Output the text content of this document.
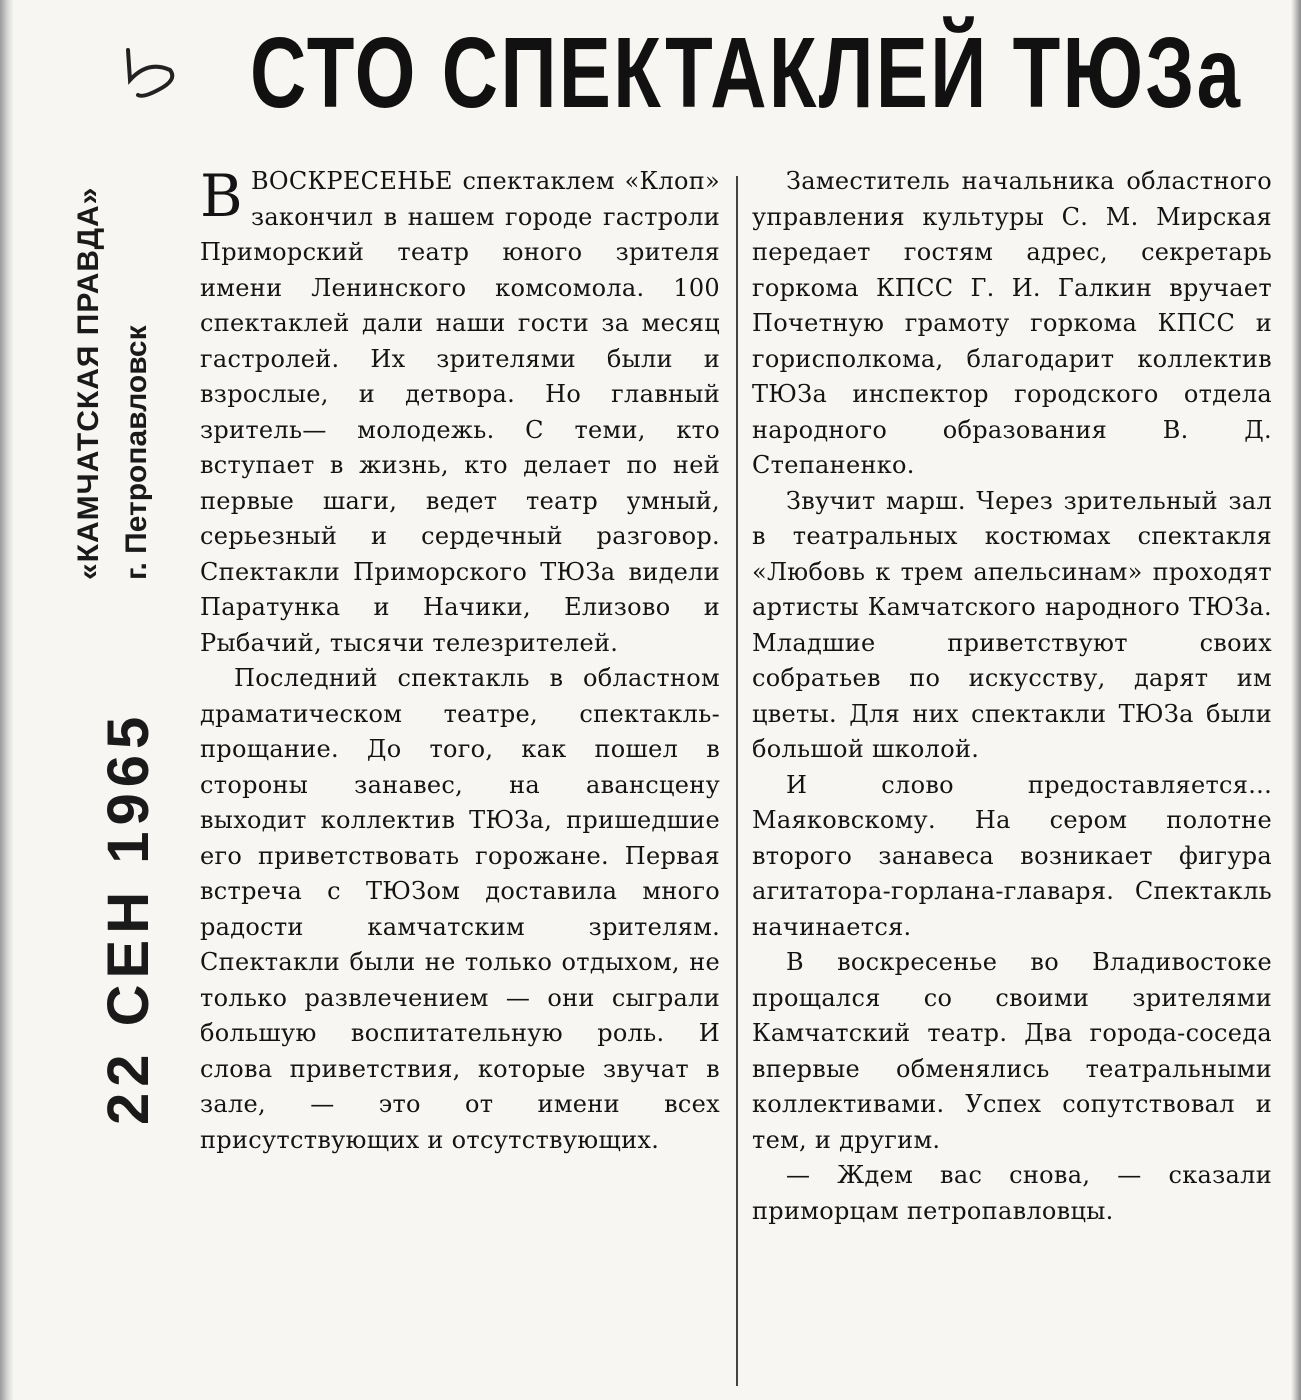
СТО СПЕКТАКЛЕЙ ТЮЗа
«КАМЧАТСКАЯ ПРАВДА» г. Петропавловск
22 СЕН 1965

ВВОСКРЕСЕНЬЕ спектаклем «Клоп» закончил в нашем городе гастроли Приморский театр юного зрителя имени Ленинского комсомола. 100 спектаклей дали наши гости за месяц гастролей. Их зрителями были и взрослые, и детвора. Но главный зритель— молодежь. С теми, кто вступает в жизнь, кто делает по ней первые шаги, ведет театр умный, серьезный и сердечный разговор. Спектакли Приморского ТЮЗа видели Паратунка и Начики, Елизово и Рыбачий, тысячи телезрителей.

Последний спектакль в областном драматическом театре, спектакль-прощание. До того, как пошел в стороны занавес, на авансцену выходит коллектив ТЮЗа, пришедшие его приветствовать горожане. Первая встреча с ТЮЗом доставила много радости камчатским зрителям. Спектакли были не только отдыхом, не только развлечением — они сыграли большую воспитательную роль. И слова приветствия, которые звучат в зале, — это от имени всех присутствующих и отсутствующих.

Заместитель начальника областного управления культуры С. М. Мирская передает гостям адрес, секретарь горкома КПСС Г. И. Галкин вручает Почетную грамоту горкома КПСС и горисполкома, благодарит коллектив ТЮЗа инспектор городского отдела народного образования В. Д. Степаненко.

Звучит марш. Через зрительный зал в театральных костюмах спектакля «Любовь к трем апельсинам» проходят артисты Камчатского народного ТЮЗа. Младшие приветствуют своих собратьев по искусству, дарят им цветы. Для них спектакли ТЮЗа были большой школой.

И слово предоставляется... Маяковскому. На сером полотне второго занавеса возникает фигура агитатора-горлана-главаря. Спектакль начинается.

В воскресенье во Владивостоке прощался со своими зрителями Камчатский театр. Два города-соседа впервые обменялись театральными коллективами. Успех сопутствовал и тем, и другим.

— Ждем вас снова, — сказали приморцам петропавловцы.
